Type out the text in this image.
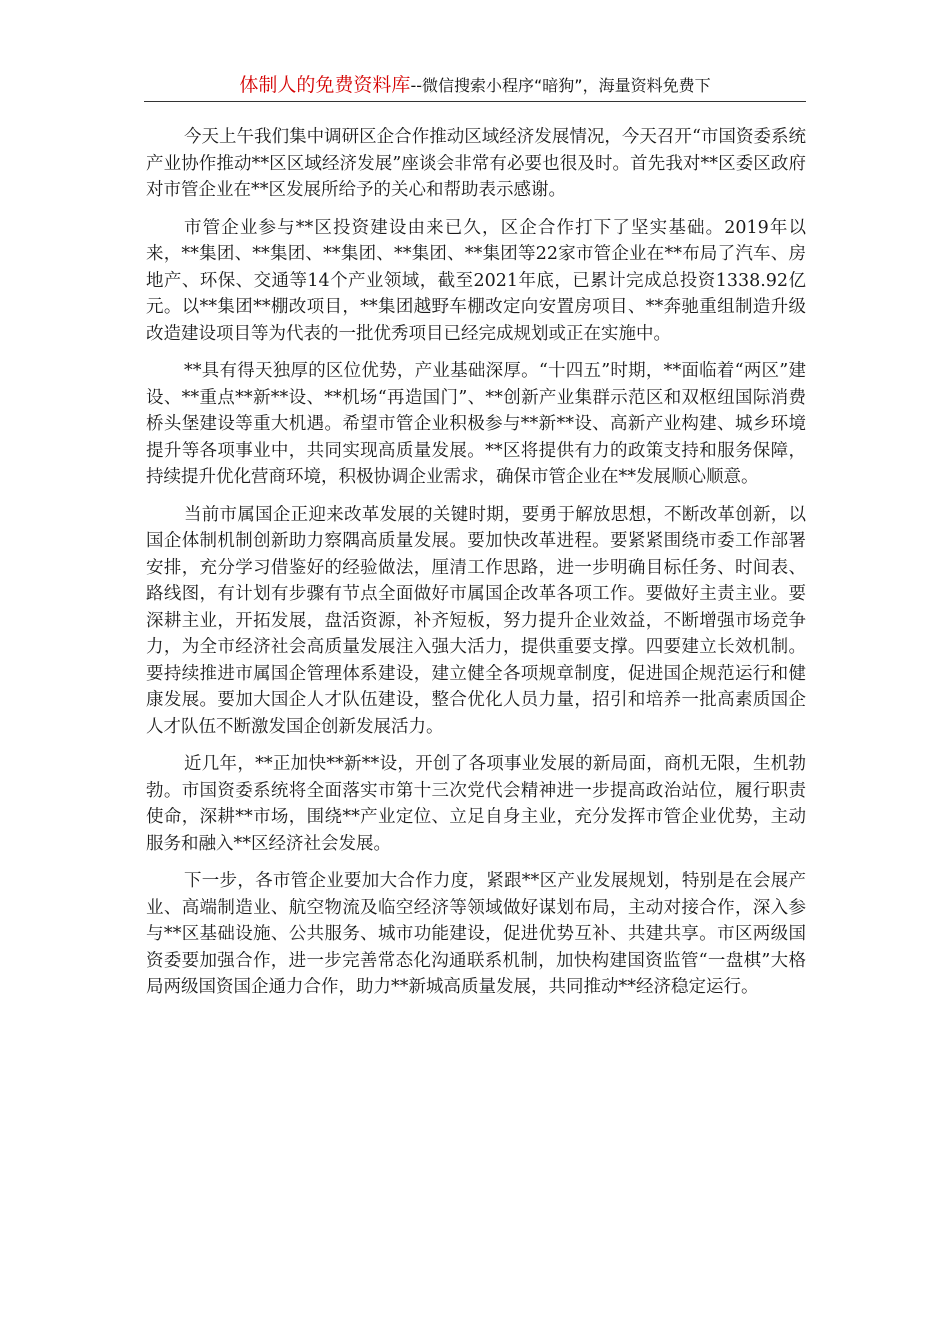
体制人的免费资料库--微信搜索小程序“暗狗”，海量资料免费下

今天上午我们集中调研区企合作推动区域经济发展情况，今天召开“市国资委系统产业协作推动**区区域经济发展”座谈会非常有必要也很及时。首先我对**区委区政府对市管企业在**区发展所给予的关心和帮助表示感谢。

市管企业参与**区投资建设由来已久，区企合作打下了坚实基础。2019年以来，**集团、**集团、**集团、**集团、**集团等22家市管企业在**布局了汽车、房地产、环保、交通等14个产业领域，截至2021年底，已累计完成总投资1338.92亿元。以**集团**棚改项目，**集团越野车棚改定向安置房项目、**奔驰重组制造升级改造建设项目等为代表的一批优秀项目已经完成规划或正在实施中。

**具有得天独厚的区位优势，产业基础深厚。“十四五”时期，**面临着“两区”建设、**重点**新**设、**机场“再造国门”、**创新产业集群示范区和双枢纽国际消费桥头堡建设等重大机遇。希望市管企业积极参与**新**设、高新产业构建、城乡环境提升等各项事业中，共同实现高质量发展。**区将提供有力的政策支持和服务保障，持续提升优化营商环境，积极协调企业需求，确保市管企业在**发展顺心顺意。

当前市属国企正迎来改革发展的关键时期，要勇于解放思想，不断改革创新，以国企体制机制创新助力察隅高质量发展。要加快改革进程。要紧紧围绕市委工作部署安排，充分学习借鉴好的经验做法，厘清工作思路，进一步明确目标任务、时间表、路线图，有计划有步骤有节点全面做好市属国企改革各项工作。要做好主责主业。要深耕主业，开拓发展，盘活资源，补齐短板，努力提升企业效益，不断增强市场竞争力，为全市经济社会高质量发展注入强大活力，提供重要支撑。四要建立长效机制。要持续推进市属国企管理体系建设，建立健全各项规章制度，促进国企规范运行和健康发展。要加大国企人才队伍建设，整合优化人员力量，招引和培养一批高素质国企人才队伍不断激发国企创新发展活力。

近几年，**正加快**新**设，开创了各项事业发展的新局面，商机无限，生机勃勃。市国资委系统将全面落实市第十三次党代会精神进一步提高政治站位，履行职责使命，深耕**市场，围绕**产业定位、立足自身主业，充分发挥市管企业优势，主动服务和融入**区经济社会发展。

下一步，各市管企业要加大合作力度，紧跟**区产业发展规划，特别是在会展产业、高端制造业、航空物流及临空经济等领域做好谋划布局，主动对接合作，深入参与**区基础设施、公共服务、城市功能建设，促进优势互补、共建共享。市区两级国资委要加强合作，进一步完善常态化沟通联系机制，加快构建国资监管“一盘棋”大格局两级国资国企通力合作，助力**新城高质量发展，共同推动**经济稳定运行。
